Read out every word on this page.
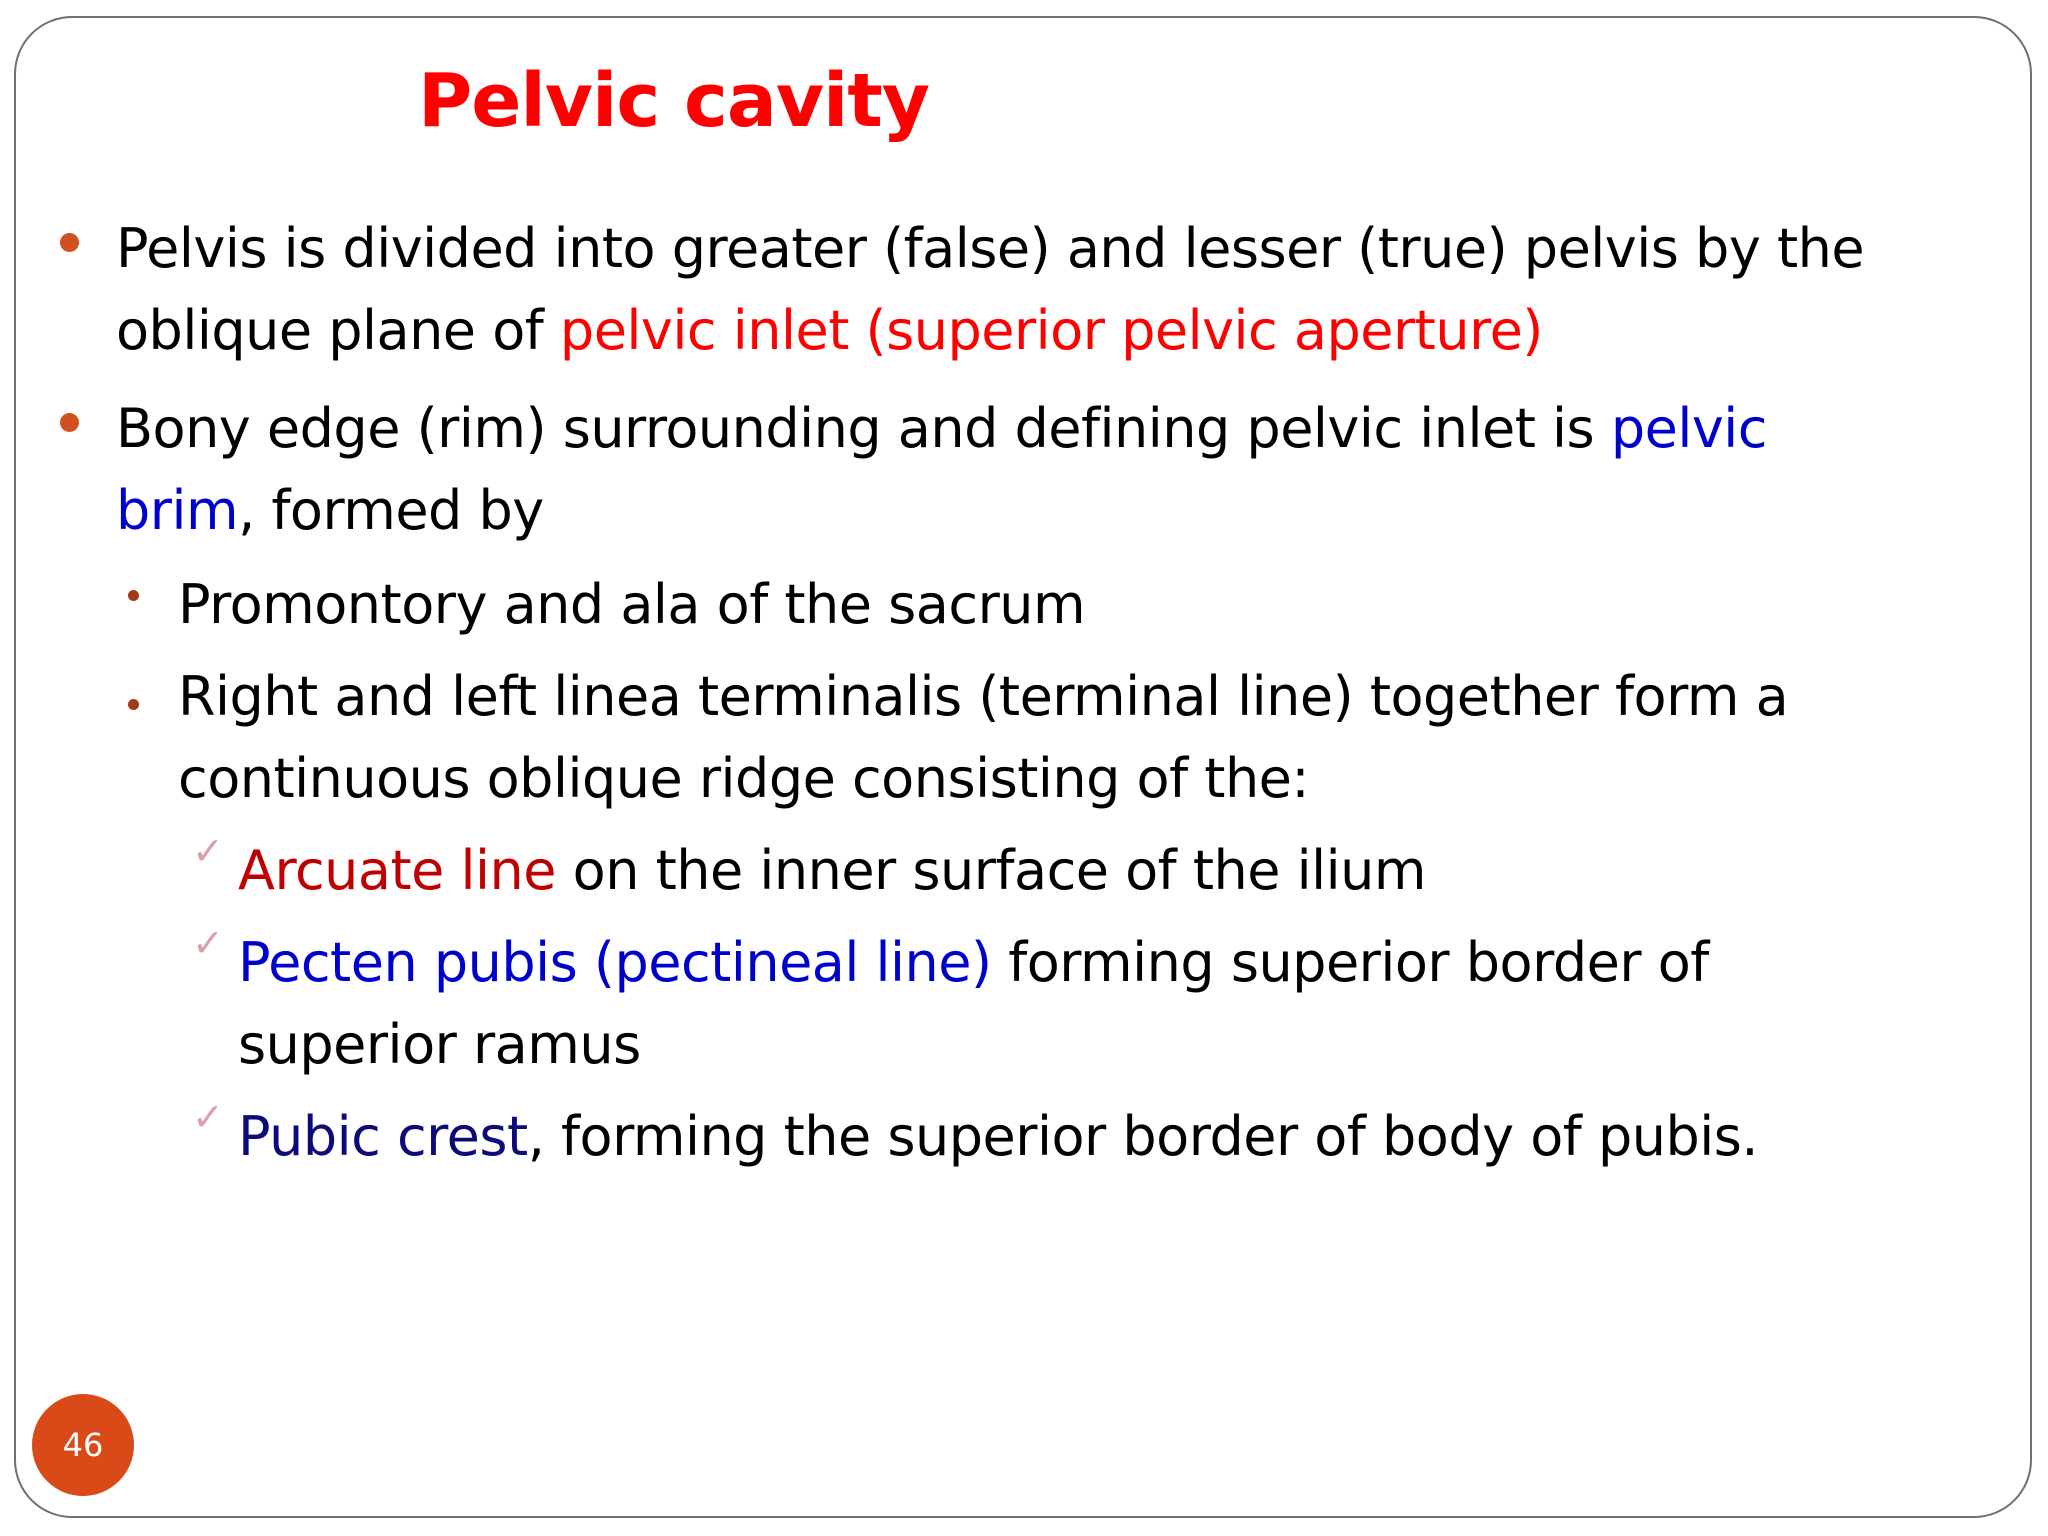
Pelvic cavity
Pelvis is divided into greater (false) and lesser (true) pelvis by the
oblique plane of pelvic inlet (superior pelvic aperture)
Bony edge (rim) surrounding and defining pelvic inlet is pelvic
brim, formed by
Promontory and ala of the sacrum
Right and left linea terminalis (terminal line) together form a
continuous oblique ridge consisting of the:
✓ Arcuate line on the inner surface of the ilium
✓ Pecten pubis (pectineal line) forming superior border of
superior ramus
✓ Pubic crest, forming the superior border of body of pubis.
46
